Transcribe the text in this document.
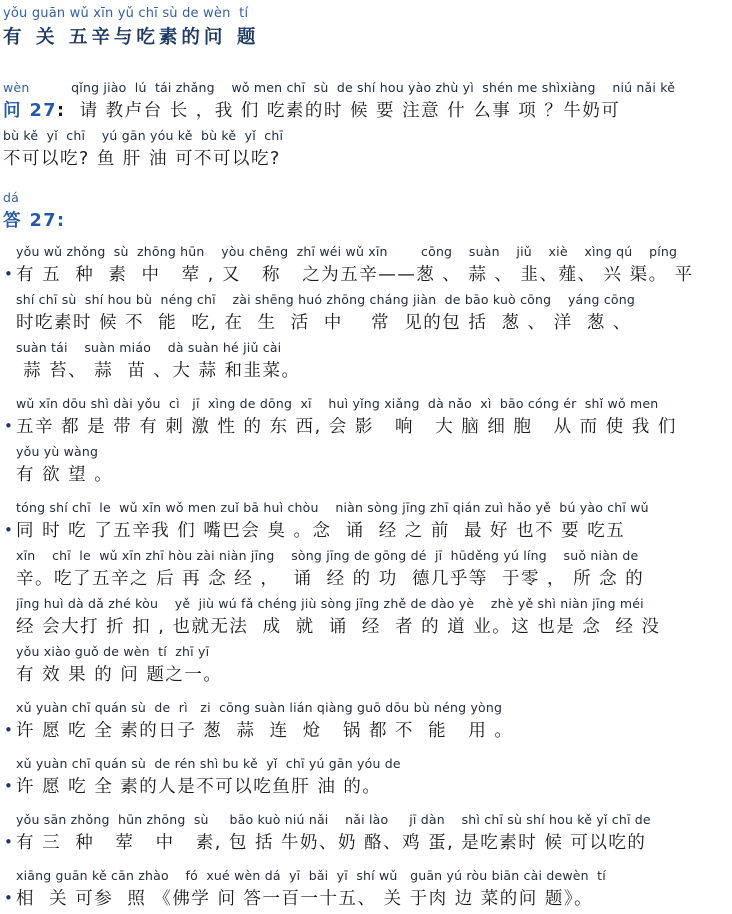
yǒu guān wǔ xīn yǔ chī sù de wèn  tí
有 关 五辛与吃素的问 题
wèn          qǐng jiào  lú  tái zhǎng    wǒ men chī  sù  de shí hou yào zhù yì  shén me shìxiàng    niú nǎi kě
问 27:  请 教卢台 长 ，我 们 吃素的时 候 要 注意 什 么事 项 ？牛奶可
bù kě  yǐ  chī    yú gān yóu kě  bù kě  yǐ  chī
不可以吃? 鱼 肝 油 可不可以吃?
dá
答 27:
•
yǒu wǔ zhǒng  sù  zhōng hūn    yòu chēng  zhī wéi wǔ xīn        cōng    suàn    jiǔ    xiè    xìng qú    píng
有 五  种  素  中   荤 , 又   称   之为五辛——葱 、 蒜 、 韭、薤、 兴 渠。 平
shí chī sù  shí hou bù  néng chī    zài shēng huó zhōng cháng jiàn  de bāo kuò cōng    yáng cōng
时吃素时 候 不  能  吃, 在  生  活  中    常  见的包 括  葱 、 洋  葱 、
suàn tái    suàn miáo    dà suàn hé jiǔ cài
蒜 苔、 蒜  苗 、大 蒜 和韭菜。
•
wǔ xīn dōu shì dài yǒu  cì   jī  xìng de dōng  xī    huì yǐng xiǎng  dà nǎo  xì  bāo cóng ér  shǐ wǒ men
五辛 都 是 带 有 刺 激 性 的 东 西, 会 影   响   大 脑 细 胞   从 而 使 我 们
yǒu yù wàng
有 欲 望 。
•
tóng shí chī  le  wǔ xīn wǒ men zuǐ bā huì chòu    niàn sòng jīng zhī qián zuì hǎo yě  bú yào chī wǔ
同 时 吃 了五辛我 们 嘴巴会 臭 。念  诵  经 之 前  最 好 也不 要 吃五
xīn    chī  le  wǔ xīn zhī hòu zài niàn jīng    sòng jīng de gōng dé  jī  hūděng yú líng    suǒ niàn de
辛。吃了五辛之 后 再 念 经 ，  诵  经 的 功  德几乎等  于零 ， 所 念 的
jīng huì dà dǎ zhé kòu    yě  jiù wú fǎ chéng jiù sòng jīng zhě de dào yè    zhè yě shì niàn jīng méi
经 会大打 折 扣 , 也就无法  成  就  诵  经  者 的 道 业。这 也是 念  经 没
yǒu xiào guǒ de wèn  tí  zhī yī
有 效 果 的 问 题之一。
•
xǔ yuàn chī quán sù  de  rì   zi  cōng suàn lián qiàng guō dōu bù néng yòng
许 愿 吃 全 素的日子 葱  蒜  连  炝   锅 都 不  能   用 。
•
xǔ yuàn chī quán sù  de rén shì bu kě  yǐ  chī yú gān yóu de
许 愿 吃 全 素的人是不可以吃鱼肝 油 的。
•
yǒu sān zhǒng  hūn zhōng  sù     bāo kuò niú nǎi    nǎi lào     jī dàn    shì chī sù shí hou kě yǐ chī de
有 三  种   荤   中   素, 包 括 牛奶、奶 酪、鸡 蛋, 是吃素时 候 可以吃的
•
xiāng guān kě cān zhào    fó  xué wèn dá  yī  bǎi  yī  shí wǔ   guān yú ròu biān cài dewèn  tí
相  关 可参  照 《佛学 问 答一百一十五、 关 于肉 边 菜的问 题》。
